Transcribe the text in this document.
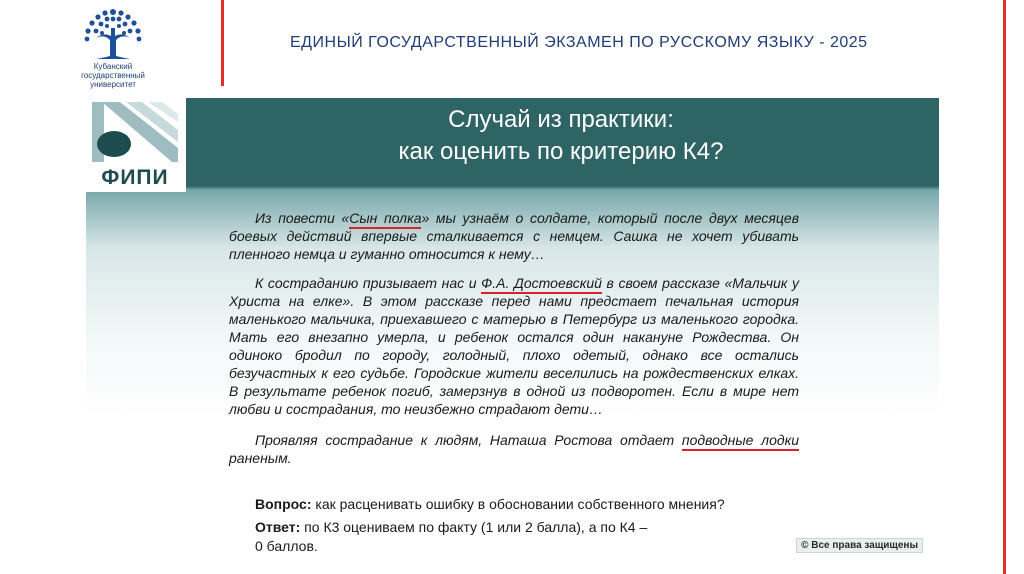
Кубанский
государственный
университет
ЕДИНЫЙ ГОСУДАРСТВЕННЫЙ ЭКЗАМЕН ПО РУССКОМУ ЯЗЫКУ - 2025
ФИПИ
Случай из практики:
как оценить по критерию К4?
Из повести «Сын полка» мы узнаём о солдате, который после двух месяцев боевых действий впервые сталкивается с немцем. Сашка не хочет убивать пленного немца и гуманно относится к нему…
К состраданию призывает нас и Ф.А. Достоевский в своем рассказе «Мальчик у Христа на елке». В этом рассказе перед нами предстает печальная история маленького мальчика, приехавшего с матерью в Петербург из маленького городка. Мать его внезапно умерла, и ребенок остался один накануне Рождества. Он одиноко бродил по городу, голодный, плохо одетый, однако все остались безучастных к его судьбе. Городские жители веселились на рождественских елках. В результате ребенок погиб, замерзнув в одной из подворотен. Если в мире нет любви и сострадания, то неизбежно страдают дети…
Проявляя сострадание к людям, Наташа Ростова отдает подводные лодки раненым.
Вопрос: как расценивать ошибку в обосновании собственного мнения?
Ответ: по К3 оцениваем по факту (1 или 2 балла), а по К4 –
0 баллов.	© Все права защищены
